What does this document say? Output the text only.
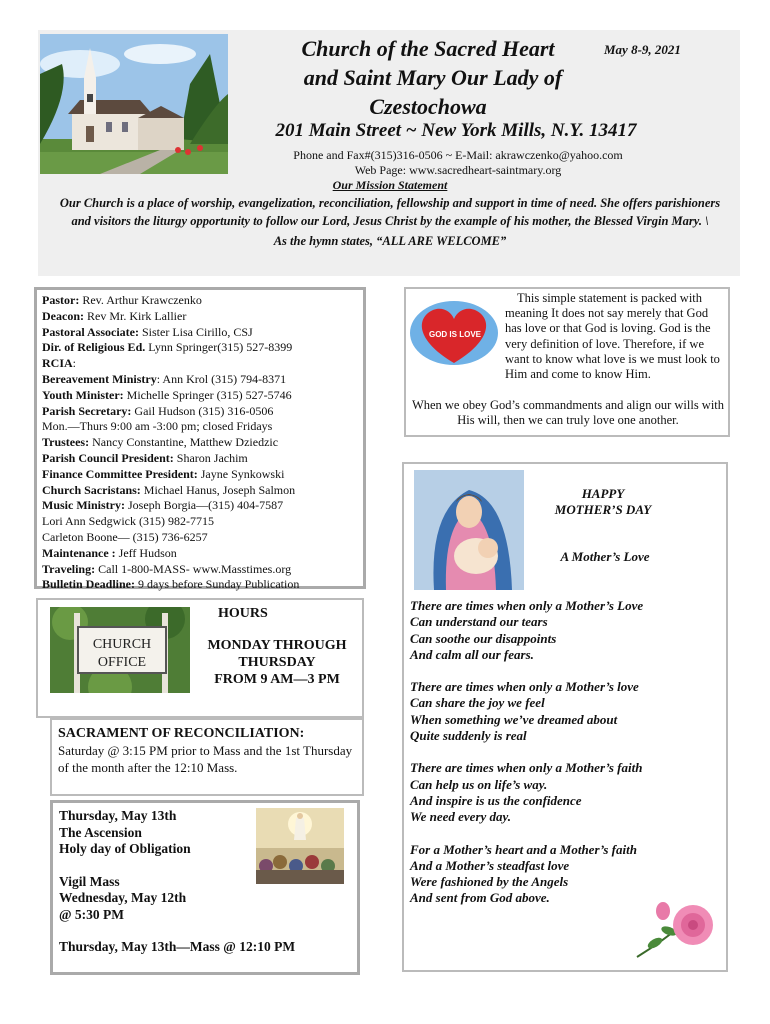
Church of the Sacred Heart
and Saint Mary Our Lady of
Czestochowa
May 8-9, 2021
201 Main Street ~ New York Mills, N.Y. 13417
Phone and Fax#(315)316-0506 ~ E-Mail: akrawczenko@yahoo.com
Web Page: www.sacredheart-saintmary.org
Our Mission Statement
Our Church is a place of worship, evangelization, reconciliation, fellowship and support in time of need. She offers parishioners and visitors the liturgy opportunity to follow our Lord, Jesus Christ by the example of his mother, the Blessed Virgin Mary. \
As the hymn states, “ALL ARE WELCOME”
Pastor: Rev. Arthur Krawczenko
Deacon: Rev Mr. Kirk Lallier
Pastoral Associate: Sister Lisa Cirillo, CSJ
Dir. of Religious Ed. Lynn Springer(315) 527-8399
RCIA:
Bereavement Ministry: Ann Krol (315) 794-8371
Youth Minister: Michelle Springer (315) 527-5746
Parish Secretary: Gail Hudson (315) 316-0506
Mon.—Thurs 9:00 am -3:00 pm; closed Fridays
Trustees: Nancy Constantine, Matthew Dziedzic
Parish Council President: Sharon Jachim
Finance Committee President: Jayne Synkowski
Church Sacristans: Michael Hanus, Joseph Salmon
Music Ministry: Joseph Borgia—(315) 404-7587
Lori Ann Sedgwick (315) 982-7715
Carleton Boone— (315) 736-6257
Maintenance : Jeff Hudson
Traveling: Call 1-800-MASS- www.Masstimes.org
Bulletin Deadline: 9 days before Sunday Publication
CHURCH
OFFICE
HOURS
MONDAY THROUGH
THURSDAY
FROM 9 AM—3 PM
SACRAMENT OF RECONCILIATION:
Saturday @ 3:15 PM prior to Mass and the 1st Thursday of the month after the 12:10 Mass.
Thursday, May 13th
The Ascension
Holy day of Obligation
Vigil Mass
Wednesday, May 12th
@ 5:30 PM
Thursday, May 13th—Mass @ 12:10 PM
GOD IS LOVE
This simple statement is packed with meaning It does not say merely that God has love or that God is loving. God is the very definition of love. Therefore, if we want to know what love is we must look to Him and come to know Him.
When we obey God’s commandments and align our wills with His will, then we can truly love one another.
HAPPY
MOTHER’S DAY
A Mother’s Love
There are times when only a Mother’s Love
Can understand our tears
Can soothe our disappoints
And calm all our fears.
There are times when only a Mother’s love
Can share the joy we feel
When something we’ve dreamed about
Quite suddenly is real
There are times when only a Mother’s faith
Can help us on life’s way.
And inspire is us the confidence
We need every day.
For a Mother’s heart and a Mother’s faith
And a Mother’s steadfast love
Were fashioned by the Angels
And sent from God above.
